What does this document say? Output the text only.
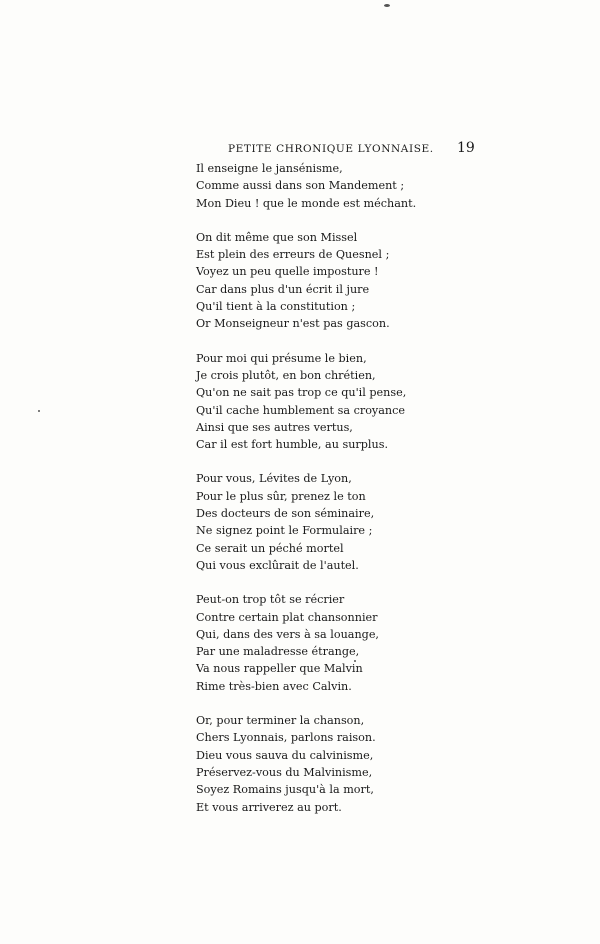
PETITE CHRONIQUE LYONNAISE. 19
Il enseigne le jansénisme,
Comme aussi dans son Mandement ;
Mon Dieu ! que le monde est méchant.
On dit même que son Missel
Est plein des erreurs de Quesnel ;
Voyez un peu quelle imposture !
Car dans plus d'un écrit il jure
Qu'il tient à la constitution ;
Or Monseigneur n'est pas gascon.
Pour moi qui présume le bien,
Je crois plutôt, en bon chrétien,
Qu'on ne sait pas trop ce qu'il pense,
Qu'il cache humblement sa croyance
Ainsi que ses autres vertus,
Car il est fort humble, au surplus.
Pour vous, Lévites de Lyon,
Pour le plus sûr, prenez le ton
Des docteurs de son séminaire,
Ne signez point le Formulaire ;
Ce serait un péché mortel
Qui vous exclûrait de l'autel.
Peut-on trop tôt se récrier
Contre certain plat chansonnier
Qui, dans des vers à sa louange,
Par une maladresse étrange,
Va nous rappeller que Malvin
Rime très-bien avec Calvin.
Or, pour terminer la chanson,
Chers Lyonnais, parlons raison.
Dieu vous sauva du calvinisme,
Préservez-vous du Malvinisme,
Soyez Romains jusqu'à la mort,
Et vous arriverez au port.
